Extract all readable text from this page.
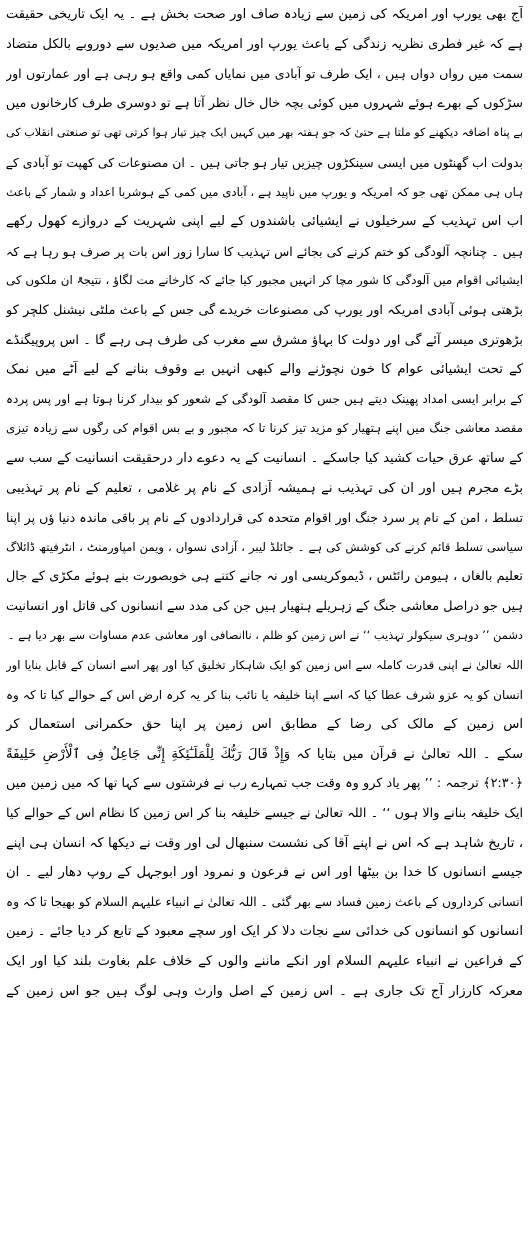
آج بھی یورپ اور امریکہ کی زمین سے زیادہ صاف اور صحت بخش ہے ۔ یہ ایک تاریخی حقیقت
ہے کہ غیر فطری نظریہ زندگی کے باعث یورپ اور امریکہ میں صدیوں سے دوروبے بالکل متضاد
سمت میں رواں دواں ہیں ، ایک طرف تو آبادی میں نمایاں کمی واقع ہو رہی ہے اور عمارتوں اور
سڑکوں کے بھرے ہوئے شہروں میں کوئی بچہ خال خال نظر آتا ہے تو دوسری طرف کارخانوں میں
بے پناہ اضافہ دیکھنے کو ملتا ہے حتیٰ کہ جو ہفتہ بھر میں کہیں ایک چیز تیار ہوا کرتی تھی تو صنعتی انقلاب کی
بدولت اب گھنٹوں میں ایسی سینکڑوں چیزیں تیار ہو جاتی ہیں ۔ ان مصنوعات کی کھپت تو آبادی کے
ہاں ہی ممکن تھی جو کہ امریکہ و یورپ میں ناپید ہے ، آبادی میں کمی کے ہوشربا اعداد و شمار کے باعث
اب اس تہذیب کے سرخیلوں نے ایشیائی باشندوں کے لیے اپنی شہریت کے دروازے کھول رکھے
ہیں ۔ چنانچہ آلودگی کو ختم کرنے کی بجائے اس تہذیب کا سارا زور اس بات پر صرف ہو رہا ہے کہ
ایشیائی اقوام میں آلودگی کا شور مچا کر انہیں مجبور کیا جائے کہ کارخانے مت لگاؤ ، نتیجۃً ان ملکوں کی
بڑھتی ہوئی آبادی امریکہ اور یورپ کی مصنوعات خریدے گی جس کے باعث ملٹی نیشنل کلچر کو
بڑھوتری میسر آئے گی اور دولت کا بہاؤ مشرق سے مغرب کی طرف ہی رہے گا ۔ اس پروپیگنڈے
کے تحت ایشیائی عوام کا خون نچوڑنے والے کبھی انہیں بے وقوف بنانے کے لیے آٹے میں نمک
کے برابر ایسی امداد پھینک دیتے ہیں جس کا مقصد آلودگی کے شعور کو بیدار کرنا ہوتا ہے اور پس پردہ
مقصد معاشی جنگ میں اپنے ہتھیار کو مزید تیز کرنا تا کہ مجبور و بے بس اقوام کی رگوں سے زیادہ تیزی
کے ساتھ عرق حیات کشید کیا جاسکے ۔ انسانیت کے یہ دعوے دار درحقیقت انسانیت کے سب سے
بڑے مجرم ہیں اور ان کی تہذیب نے ہمیشہ آزادی کے نام پر غلامی ، تعلیم کے نام پر تہذیبی
تسلط ، امن کے نام پر سرد جنگ اور اقوام متحدہ کی قراردادوں کے نام پر باقی ماندہ دنیا ؤں پر اپنا
سیاسی تسلط قائم کرنے کی کوشش کی ہے ۔ جائلڈ لیبر ، آزادی نسواں ، ویمن امپاورمنٹ ، انٹرفیتھ ڈائلاگ
تعلیم بالغاں ، ہیومن رائٹس ، ڈیموکریسی اور نہ جانے کتنے ہی خوبصورت بنے ہوئے مکڑی کے جال
ہیں جو دراصل معاشی جنگ کے زہریلے ہتھیار ہیں جن کی مدد سے انسانوں کی قاتل اور انسانیت
دشمن ’’ دوہری سیکولر تہذیب ‘‘ نے اس زمین کو ظلم ، ناانصافی اور معاشی عدم مساوات سے بھر دیا ہے ۔
اللہ تعالیٰ نے اپنی قدرت کاملہ سے اس زمین کو ایک شاہکار تخلیق کیا اور پھر اسے انسان کے قابل بنایا اور
انسان کو یہ عزو شرف عطا کیا کہ اسے اپنا خلیفہ یا نائب بنا کر یہ کرہ ارض اس کے حوالے کیا تا کہ وہ
اس زمین کے مالک کی رضا کے مطابق اس زمین پر اپنا حق حکمرانی استعمال کر
سکے ۔ اللہ تعالیٰ نے قرآن میں بتایا کہ وَإِذْ قَالَ رَبُّكَ لِلْمَلَـٰٓئِكَةِ إِنِّى جَاعِلٌ فِى ٱلْأَرْضِ خَلِيفَةً
﴿٢:٣٠﴾ ترجمہ : ’’ پھر یاد کرو وہ وقت جب تمہارے رب نے فرشتوں سے کہا تھا کہ میں زمین میں
ایک خلیفہ بنانے والا ہوں ‘‘ ۔ اللہ تعالیٰ نے جیسے خلیفہ بنا کر اس زمین کا نظام اس کے حوالے کیا
، تاریخ شاہد ہے کہ اس نے اپنے آقا کی نشست سنبھال لی اور وقت نے دیکھا کہ انسان ہی اپنے
جیسے انسانوں کا خدا بن بیٹھا اور اس نے فرعون و نمرود اور ابوجہل کے روپ دھار لیے ۔ ان
انسانی کرداروں کے باعث زمین فساد سے بھر گئی ۔ اللہ تعالیٰ نے انبیاء علیہم السلام کو بھیجا تا کہ وہ
انسانوں کو انسانوں کی خدائی سے نجات دلا کر ایک اور سچے معبود کے تابع کر دیا جائے ۔ زمین
کے فراعین نے انبیاء علیہم السلام اور انکے ماننے والوں کے خلاف علم بغاوت بلند کیا اور ایک
معرکہ کارزار آج تک جاری ہے ۔ اس زمین کے اصل وارث وہی لوگ ہیں جو اس زمین کے
